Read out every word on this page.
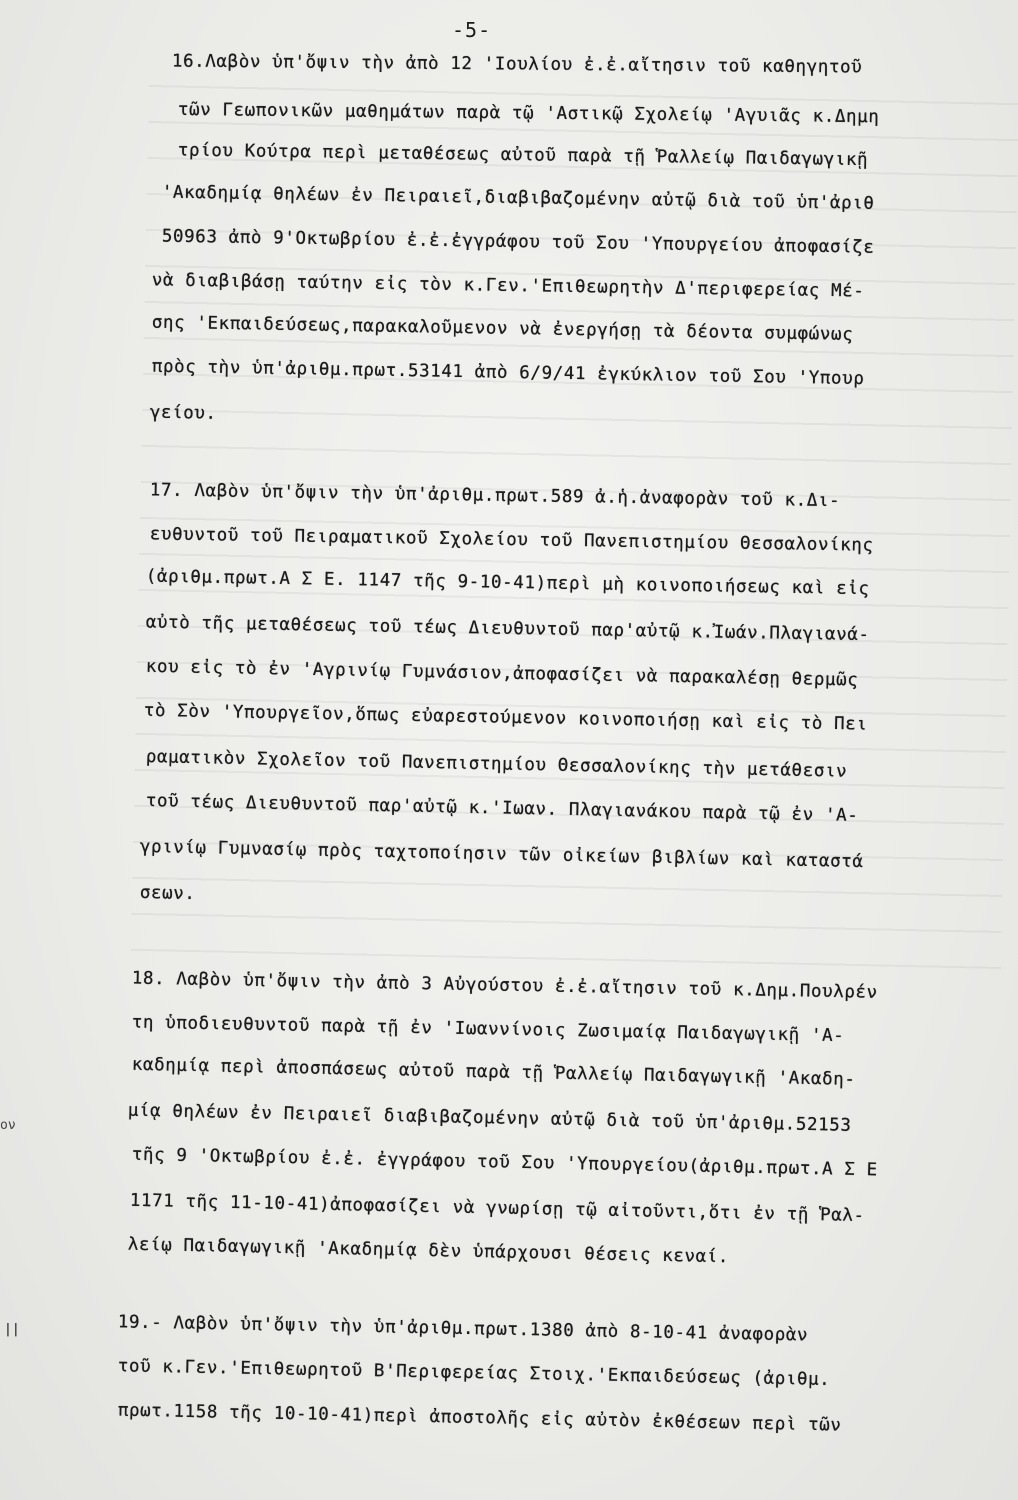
-5-
16.Λαβὸν ὑπ'ὄψιν τὴν ἀπὸ 12 'Ιουλίου ἐ.ἐ.αἴτησιν τοῦ καθηγητοῦ
τῶν Γεωπονικῶν μαθημάτων παρὰ τῷ 'Αστικῷ Σχολείῳ 'Αγυιᾶς κ.Δημη
τρίου Κούτρα περὶ μεταθέσεως αὐτοῦ παρὰ τῇ Ῥαλλείῳ Παιδαγωγικῇ
'Ακαδημίᾳ θηλέων ἐν Πειραιεῖ,διαβιβαζομένην αὐτῷ διὰ τοῦ ὑπ'ἀριθ
50963 ἀπὸ 9'Οκτωβρίου ἐ.ἐ.ἐγγράφου τοῦ Σου 'Υπουργείου ἀποφασίζε
νὰ διαβιβάσῃ ταύτην εἰς τὸν κ.Γεν.'Επιθεωρητὴν Δ'περιφερείας Μέ-
σης 'Εκπαιδεύσεως,παρακαλοῦμενον νὰ ἐνεργήσῃ τὰ δέοντα συμφώνως
πρὸς τὴν ὑπ'ἀριθμ.πρωτ.53141 ἀπὸ 6/9/41 ἐγκύκλιον τοῦ Σου 'Υπουρ
γείου.
17. Λαβὸν ὑπ'ὄψιν τὴν ὑπ'ἀριθμ.πρωτ.589 ἀ.ἡ.ἀναφορὰν τοῦ κ.Δι-
ευθυντοῦ τοῦ Πειραματικοῦ Σχολείου τοῦ Πανεπιστημίου Θεσσαλονίκης
(ἀριθμ.πρωτ.Α Σ Ε. 1147 τῆς 9-10-41)περὶ μὴ κοινοποιήσεως καὶ εἰς
αὐτὸ τῆς μεταθέσεως τοῦ τέως Διευθυντοῦ παρ'αὐτῷ κ.Ἰωάν.Πλαγιανά-
κου εἰς τὸ ἐν 'Αγρινίῳ Γυμνάσιον,ἀποφασίζει νὰ παρακαλέσῃ θερμῶς
τὸ Σὸν 'Υπουργεῖον,ὅπως εὐαρεστούμενον κοινοποιήσῃ καὶ εἰς τὸ Πει
ραματικὸν Σχολεῖον τοῦ Πανεπιστημίου Θεσσαλονίκης τὴν μετάθεσιν
τοῦ τέως Διευθυντοῦ παρ'αὐτῷ κ.'Ιωαν. Πλαγιανάκου παρὰ τῷ ἐν 'Α-
γρινίῳ Γυμνασίῳ πρὸς ταχτοποίησιν τῶν οἰκείων βιβλίων καὶ καταστά
σεων.
18. Λαβὸν ὑπ'ὄψιν τὴν ἀπὸ 3 Αὐγούστου ἐ.ἐ.αἴτησιν τοῦ κ.Δημ.Πουλρέν
τη ὑποδιευθυντοῦ παρὰ τῇ ἐν 'Ιωαννίνοις Ζωσιμαίᾳ Παιδαγωγικῇ 'Α-
καδημίᾳ περὶ ἀποσπάσεως αὐτοῦ παρὰ τῇ Ῥαλλείῳ Παιδαγωγικῇ 'Ακαδη-
μίᾳ θηλέων ἐν Πειραιεῖ διαβιβαζομένην αὐτῷ διὰ τοῦ ὑπ'ἀριθμ.52153
τῆς 9 'Οκτωβρίου ἐ.ἐ. ἐγγράφου τοῦ Σου 'Υπουργείου(ἀριθμ.πρωτ.Α Σ Ε
1171 τῆς 11-10-41)ἀποφασίζει νὰ γνωρίσῃ τῷ αἰτοῦντι,ὅτι ἐν τῇ Ῥαλ-
λείῳ Παιδαγωγικῇ 'Ακαδημίᾳ δὲν ὑπάρχουσι θέσεις κεναί.
19.- Λαβὸν ὑπ'ὄψιν τὴν ὑπ'ἀριθμ.πρωτ.1380 ἀπὸ 8-10-41 ἀναφορὰν
τοῦ κ.Γεν.'Επιθεωρητοῦ Β'Περιφερείας Στοιχ.'Εκπαιδεύσεως (ἀριθμ.
πρωτ.1158 τῆς 10-10-41)περὶ ἀποστολῆς εἰς αὐτὸν ἐκθέσεων περὶ τῶν
ον
||
